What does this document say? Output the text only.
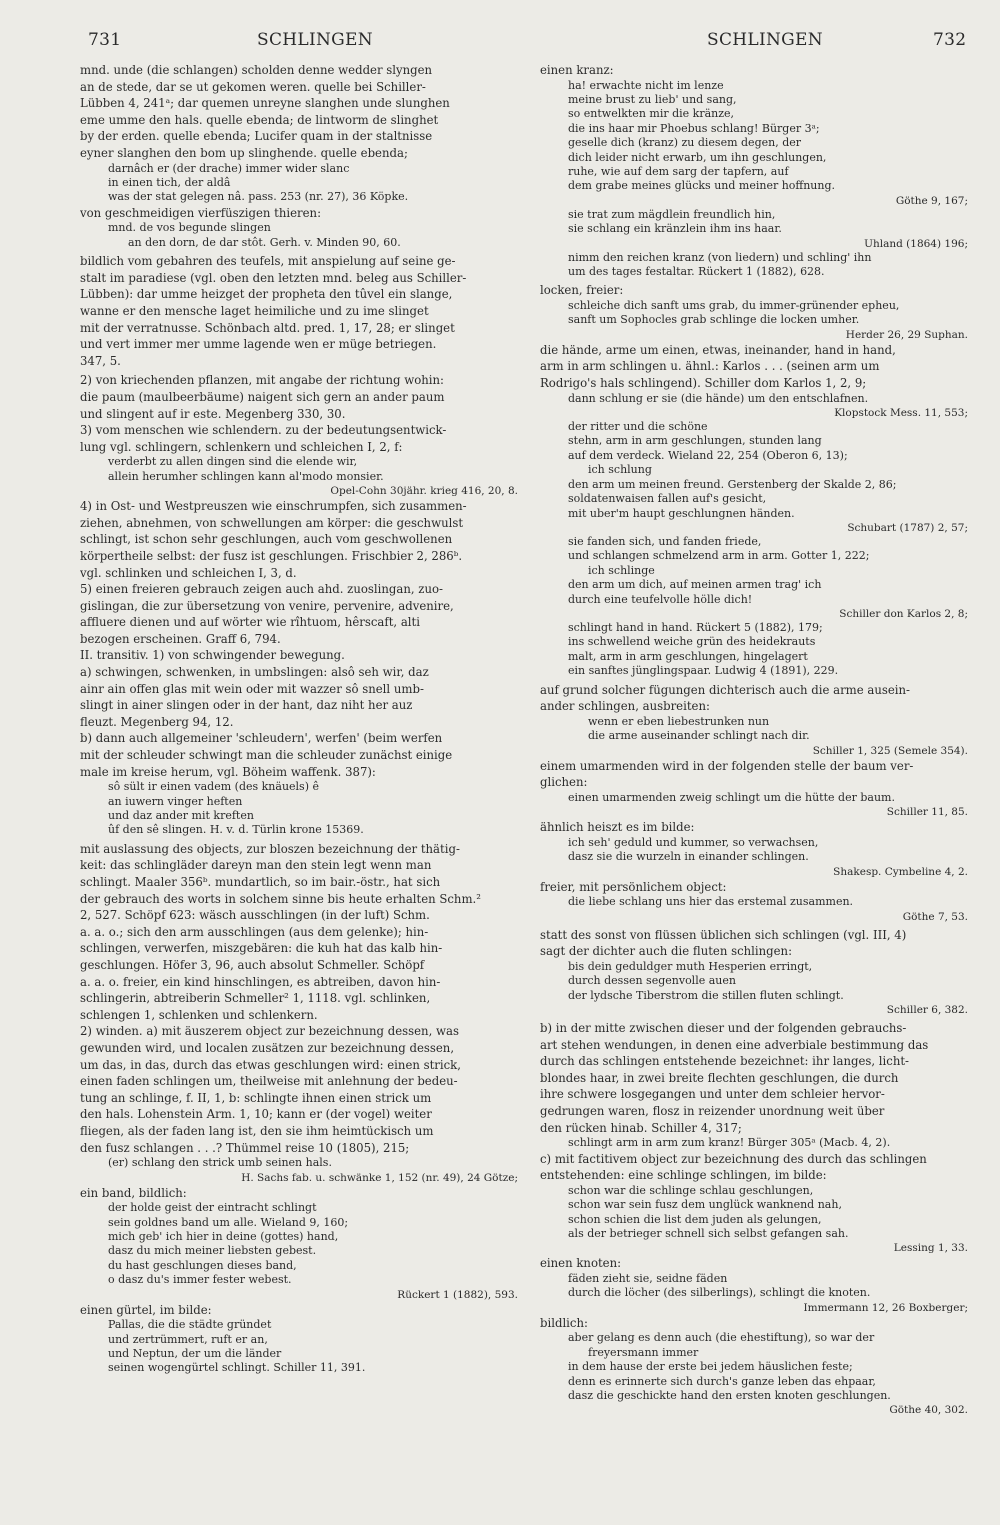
731	SCHLINGEN	SCHLINGEN	732

mnd. unde (die schlangen) scholden denne wedder slyngen

an de stede, dar se ut gekomen weren. quelle bei Schiller-

Lübben 4, 241ᵃ; dar quemen unreyne slanghen unde slunghen

eme umme den hals. quelle ebenda; de lintworm de slinghet

by der erden. quelle ebenda; Lucifer quam in der staltnisse

eyner slanghen den bom up slinghende. quelle ebenda;

darnâch er (der drache) immer wider slanc

in einen tich, der aldâ

was der stat gelegen nâ. pass. 253 (nr. 27), 36 Köpke.

von geschmeidigen vierfüszigen thieren:

mnd. de vos begunde slingen

an den dorn, de dar stôt. Gerh. v. Minden 90, 60.

bildlich vom gebahren des teufels, mit anspielung auf seine ge-

stalt im paradiese (vgl. oben den letzten mnd. beleg aus Schiller-

Lübben): dar umme heizget der propheta den tûvel ein slange,

wanne er den mensche laget heimiliche und zu ime slinget

mit der verratnusse. Schönbach altd. pred. 1, 17, 28; er slinget

und vert immer mer umme lagende wen er müge betriegen.

347, 5.

2) von kriechenden pflanzen, mit angabe der richtung wohin:

die paum (maulbeerbäume) naigent sich gern an ander paum

und slingent auf ir este. Megenberg 330, 30.

3) vom menschen wie schlendern. zu der bedeutungsentwick-

lung vgl. schlingern, schlenkern und schleichen I, 2, f:

verderbt zu allen dingen sind die elende wir,

allein herumher schlingen kann al'modo monsier.

Opel-Cohn 30jähr. krieg 416, 20, 8.

4) in Ost- und Westpreuszen wie einschrumpfen, sich zusammen-

ziehen, abnehmen, von schwellungen am körper: die geschwulst

schlingt, ist schon sehr geschlungen, auch vom geschwollenen

körpertheile selbst: der fusz ist geschlungen. Frischbier 2, 286ᵇ.

vgl. schlinken und schleichen I, 3, d.

5) einen freieren gebrauch zeigen auch ahd. zuoslingan, zuo-

gislingan, die zur übersetzung von venire, pervenire, advenire,

affluere dienen und auf wörter wie rîhtuom, hêrscaft, alti

bezogen erscheinen. Graff 6, 794.

II. transitiv. 1) von schwingender bewegung.

a) schwingen, schwenken, in umbslingen: alsô seh wir, daz

ainr ain offen glas mit wein oder mit wazzer sô snell umb-

slingt in ainer slingen oder in der hant, daz niht her auz

fleuzt. Megenberg 94, 12.

b) dann auch allgemeiner 'schleudern', werfen' (beim werfen

mit der schleuder schwingt man die schleuder zunächst einige

male im kreise herum, vgl. Böheim waffenk. 387):

sô sült ir einen vadem (des knäuels) ê

an iuwern vinger heften

und daz ander mit kreften

ûf den sê slingen. H. v. d. Türlin krone 15369.

mit auslassung des objects, zur bloszen bezeichnung der thätig-

keit: das schlingläder dareyn man den stein legt wenn man

schlingt. Maaler 356ᵇ. mundartlich, so im bair.-östr., hat sich

der gebrauch des worts in solchem sinne bis heute erhalten Schm.²

2, 527. Schöpf 623: wäsch ausschlingen (in der luft) Schm.

a. a. o.; sich den arm ausschlingen (aus dem gelenke); hin-

schlingen, verwerfen, miszgebären: die kuh hat das kalb hin-

geschlungen. Höfer 3, 96, auch absolut Schmeller. Schöpf

a. a. o. freier, ein kind hinschlingen, es abtreiben, davon hin-

schlingerin, abtreiberin Schmeller² 1, 1118. vgl. schlinken,

schlengen 1, schlenken und schlenkern.

2) winden. a) mit äuszerem object zur bezeichnung dessen, was

gewunden wird, und localen zusätzen zur bezeichnung dessen,

um das, in das, durch das etwas geschlungen wird: einen strick,

einen faden schlingen um, theilweise mit anlehnung der bedeu-

tung an schlinge, f. II, 1, b: schlingte ihnen einen strick um

den hals. Lohenstein Arm. 1, 10; kann er (der vogel) weiter

fliegen, als der faden lang ist, den sie ihm heimtückisch um

den fusz schlangen . . .? Thümmel reise 10 (1805), 215;

(er) schlang den strick umb seinen hals.

H. Sachs fab. u. schwänke 1, 152 (nr. 49), 24 Götze;

ein band, bildlich:

der holde geist der eintracht schlingt

sein goldnes band um alle. Wieland 9, 160;

mich geb' ich hier in deine (gottes) hand,

dasz du mich meiner liebsten gebest.

du hast geschlungen dieses band,

o dasz du's immer fester webest.

Rückert 1 (1882), 593.

einen gürtel, im bilde:

Pallas, die die städte gründet

und zertrümmert, ruft er an,

und Neptun, der um die länder

seinen wogengürtel schlingt. Schiller 11, 391.

einen kranz:

ha! erwachte nicht im lenze

meine brust zu lieb' und sang,

so entwelkten mir die kränze,

die ins haar mir Phoebus schlang! Bürger 3ᵃ;

geselle dich (kranz) zu diesem degen, der

dich leider nicht erwarb, um ihn geschlungen,

ruhe, wie auf dem sarg der tapfern, auf

dem grabe meines glücks und meiner hoffnung.

Göthe 9, 167;

sie trat zum mägdlein freundlich hin,

sie schlang ein kränzlein ihm ins haar.

Uhland (1864) 196;

nimm den reichen kranz (von liedern) und schling' ihn

um des tages festaltar. Rückert 1 (1882), 628.

locken, freier:

schleiche dich sanft ums grab, du immer-grünender epheu,

sanft um Sophocles grab schlinge die locken umher.

Herder 26, 29 Suphan.

die hände, arme um einen, etwas, ineinander, hand in hand,

arm in arm schlingen u. ähnl.: Karlos . . . (seinen arm um

Rodrigo's hals schlingend). Schiller dom Karlos 1, 2, 9;

dann schlung er sie (die hände) um den entschlafnen.

Klopstock Mess. 11, 553;

der ritter und die schöne

stehn, arm in arm geschlungen, stunden lang

auf dem verdeck. Wieland 22, 254 (Oberon 6, 13);

ich schlung

den arm um meinen freund. Gerstenberg der Skalde 2, 86;

soldatenwaisen fallen auf's gesicht,

mit uber'm haupt geschlungnen händen.

Schubart (1787) 2, 57;

sie fanden sich, und fanden friede,

und schlangen schmelzend arm in arm. Gotter 1, 222;

ich schlinge

den arm um dich, auf meinen armen trag' ich

durch eine teufelvolle hölle dich!

Schiller don Karlos 2, 8;

schlingt hand in hand. Rückert 5 (1882), 179;

ins schwellend weiche grün des heidekrauts

malt, arm in arm geschlungen, hingelagert

ein sanftes jünglingspaar. Ludwig 4 (1891), 229.

auf grund solcher fügungen dichterisch auch die arme ausein-

ander schlingen, ausbreiten:

wenn er eben liebestrunken nun

die arme auseinander schlingt nach dir.

Schiller 1, 325 (Semele 354).

einem umarmenden wird in der folgenden stelle der baum ver-

glichen:

einen umarmenden zweig schlingt um die hütte der baum.

Schiller 11, 85.

ähnlich heiszt es im bilde:

ich seh' geduld und kummer, so verwachsen,

dasz sie die wurzeln in einander schlingen.

Shakesp. Cymbeline 4, 2.

freier, mit persönlichem object:

die liebe schlang uns hier das erstemal zusammen.

Göthe 7, 53.

statt des sonst von flüssen üblichen sich schlingen (vgl. III, 4)

sagt der dichter auch die fluten schlingen:

bis dein geduldger muth Hesperien erringt,

durch dessen segenvolle auen

der lydsche Tiberstrom die stillen fluten schlingt.

Schiller 6, 382.

b) in der mitte zwischen dieser und der folgenden gebrauchs-

art stehen wendungen, in denen eine adverbiale bestimmung das

durch das schlingen entstehende bezeichnet: ihr langes, licht-

blondes haar, in zwei breite flechten geschlungen, die durch

ihre schwere losgegangen und unter dem schleier hervor-

gedrungen waren, flosz in reizender unordnung weit über

den rücken hinab. Schiller 4, 317;

schlingt arm in arm zum kranz! Bürger 305ᵃ (Macb. 4, 2).

c) mit factitivem object zur bezeichnung des durch das schlingen

entstehenden: eine schlinge schlingen, im bilde:

schon war die schlinge schlau geschlungen,

schon war sein fusz dem unglück wanknend nah,

schon schien die list dem juden als gelungen,

als der betrieger schnell sich selbst gefangen sah.

Lessing 1, 33.

einen knoten:

fäden zieht sie, seidne fäden

durch die löcher (des silberlings), schlingt die knoten.

Immermann 12, 26 Boxberger;

bildlich:

aber gelang es denn auch (die ehestiftung), so war der

freyersmann immer

in dem hause der erste bei jedem häuslichen feste;

denn es erinnerte sich durch's ganze leben das ehpaar,

dasz die geschickte hand den ersten knoten geschlungen.

Göthe 40, 302.
